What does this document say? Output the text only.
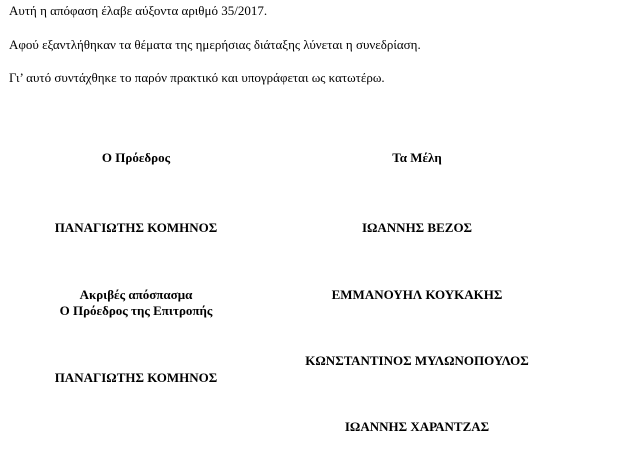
Αυτή η απόφαση έλαβε αύξοντα αριθμό 35/2017.
Αφού εξαντλήθηκαν τα θέματα της ημερήσιας διάταξης λύνεται η συνεδρίαση.
Γι’ αυτό συντάχθηκε το παρόν πρακτικό και υπογράφεται ως κατωτέρω.
Ο Πρόεδρος	Τα Μέλη
ΠΑΝΑΓΙΩΤΗΣ ΚΟΜΗΝΟΣ	ΙΩΑΝΝΗΣ ΒΕΖΟΣ
Ακριβές απόσπασμα
Ο Πρόεδρος της Επιτροπής
ΕΜΜΑΝΟΥΗΛ ΚΟΥΚΑΚΗΣ
ΚΩΝΣΤΑΝΤΙΝΟΣ ΜΥΛΩΝΟΠΟΥΛΟΣ
ΠΑΝΑΓΙΩΤΗΣ ΚΟΜΗΝΟΣ
ΙΩΑΝΝΗΣ ΧΑΡΑΝΤΖΑΣ
